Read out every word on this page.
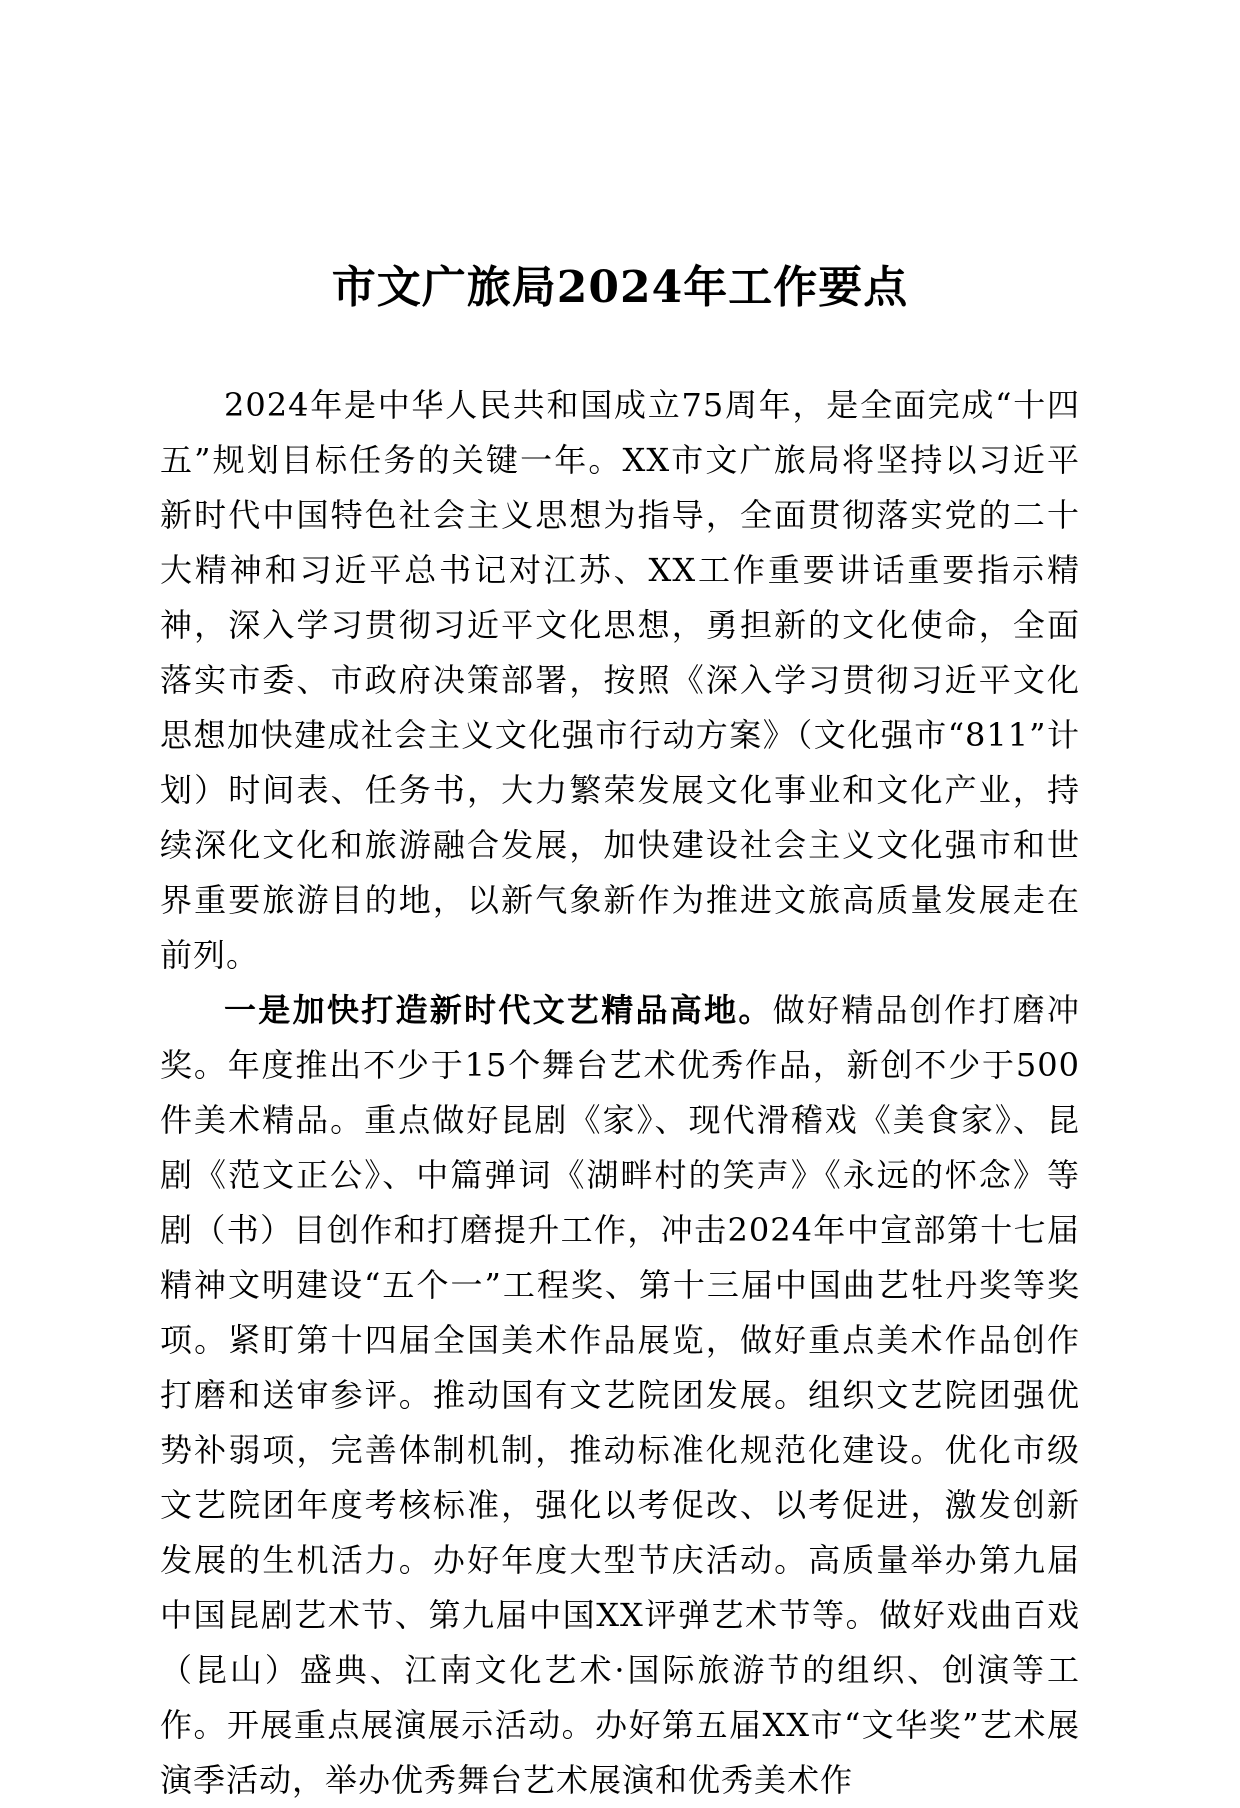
市文广旅局2024年工作要点

2024年是中华人民共和国成立75周年，是全面完成“十四五”规划目标任务的关键一年。XX市文广旅局将坚持以习近平新时代中国特色社会主义思想为指导，全面贯彻落实党的二十大精神和习近平总书记对江苏、XX工作重要讲话重要指示精神，深入学习贯彻习近平文化思想，勇担新的文化使命，全面落实市委、市政府决策部署，按照《深入学习贯彻习近平文化思想加快建成社会主义文化强市行动方案》（文化强市“811”计划）时间表、任务书，大力繁荣发展文化事业和文化产业，持续深化文化和旅游融合发展，加快建设社会主义文化强市和世界重要旅游目的地，以新气象新作为推进文旅高质量发展走在前列。

一是加快打造新时代文艺精品高地。做好精品创作打磨冲奖。年度推出不少于15个舞台艺术优秀作品，新创不少于500件美术精品。重点做好昆剧《家》、现代滑稽戏《美食家》、昆剧《范文正公》、中篇弹词《湖畔村的笑声》《永远的怀念》等剧（书）目创作和打磨提升工作，冲击2024年中宣部第十七届精神文明建设“五个一”工程奖、第十三届中国曲艺牡丹奖等奖项。紧盯第十四届全国美术作品展览，做好重点美术作品创作打磨和送审参评。推动国有文艺院团发展。组织文艺院团强优势补弱项，完善体制机制，推动标准化规范化建设。优化市级文艺院团年度考核标准，强化以考促改、以考促进，激发创新发展的生机活力。办好年度大型节庆活动。高质量举办第九届中国昆剧艺术节、第九届中国XX评弹艺术节等。做好戏曲百戏（昆山）盛典、江南文化艺术·国际旅游节的组织、创演等工作。开展重点展演展示活动。办好第五届XX市“文华奖”艺术展演季活动，举办优秀舞台艺术展演和优秀美术作
